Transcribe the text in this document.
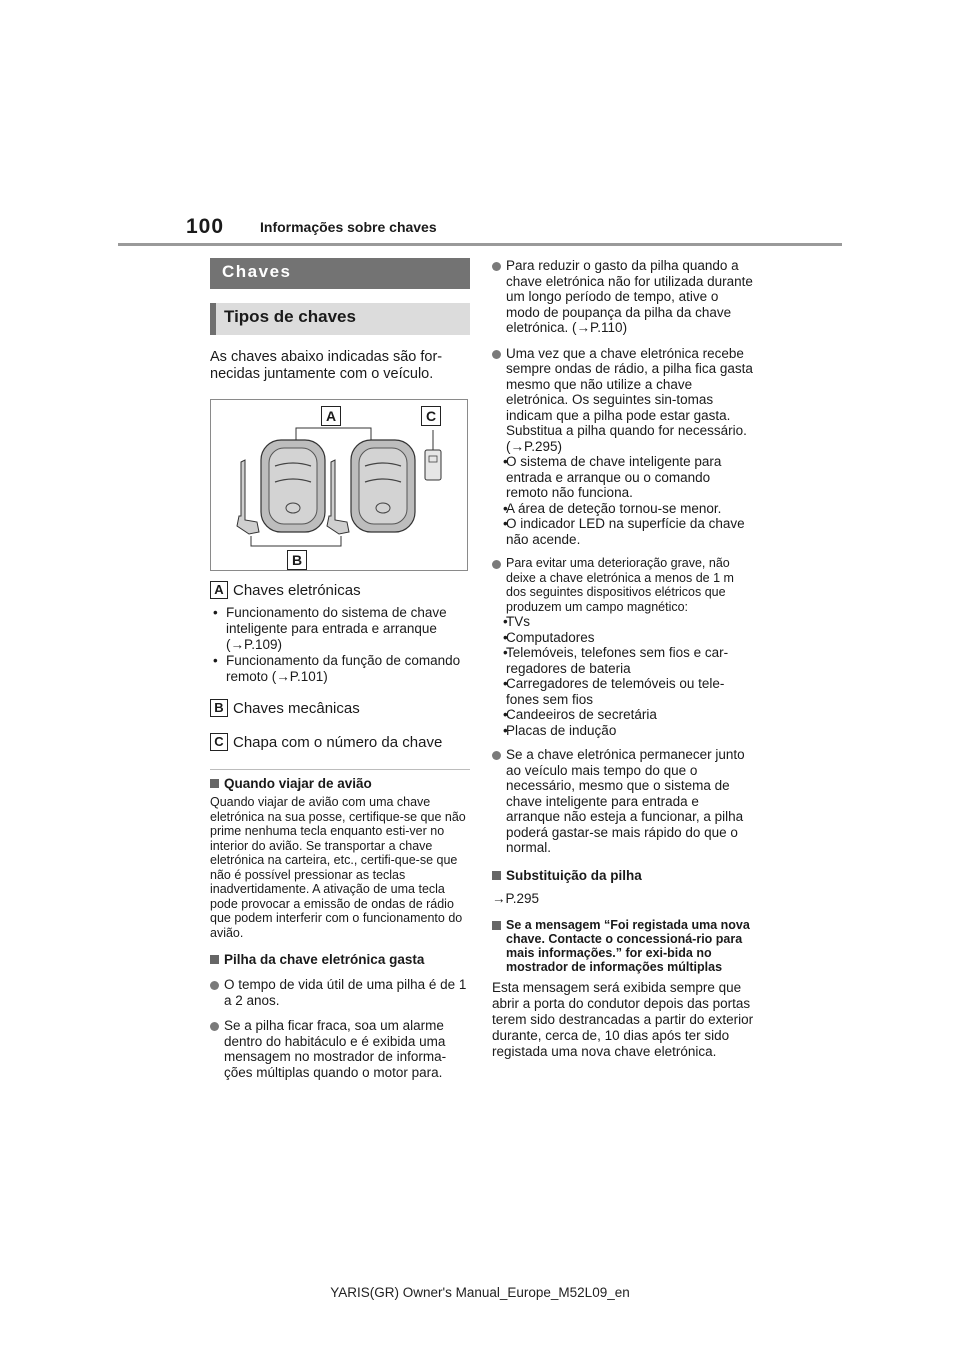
100	Informações sobre chaves
Chaves
Tipos de chaves
As chaves abaixo indicadas são for-
necidas juntamente com o veículo.
A
B
C
A Chaves eletrónicas
• Funcionamento do sistema de chave inteligente para entrada e arranque (→P.109)
• Funcionamento da função de comando remoto (→P.101)
B Chaves mecânicas
C Chapa com o número da chave
Quando viajar de avião
Quando viajar de avião com uma chave eletrónica na sua posse, certifique-se que não prime nenhuma tecla enquanto esti-ver no interior do avião. Se transportar a chave eletrónica na carteira, etc., certifi-que-se que não é possível pressionar as teclas inadvertidamente. A ativação de uma tecla pode provocar a emissão de ondas de rádio que podem interferir com o funcionamento do avião.
Pilha da chave eletrónica gasta
O tempo de vida útil de uma pilha é de 1 a 2 anos.
Se a pilha ficar fraca, soa um alarme dentro do habitáculo e é exibida uma mensagem no mostrador de informa-ções múltiplas quando o motor para.
Para reduzir o gasto da pilha quando a chave eletrónica não for utilizada durante um longo período de tempo, ative o modo de poupança da pilha da chave eletrónica. (→P.110)
Uma vez que a chave eletrónica recebe sempre ondas de rádio, a pilha fica gasta mesmo que não utilize a chave eletrónica. Os seguintes sin-tomas indicam que a pilha pode estar gasta. Substitua a pilha quando for necessário. (→P.295)
• O sistema de chave inteligente para entrada e arranque ou o comando remoto não funciona.
• A área de deteção tornou-se menor.
• O indicador LED na superfície da chave não acende.
Para evitar uma deterioração grave, não deixe a chave eletrónica a menos de 1 m dos seguintes dispositivos elétricos que produzem um campo magnético:
• TVs
• Computadores
• Telemóveis, telefones sem fios e car-regadores de bateria
• Carregadores de telemóveis ou tele-fones sem fios
• Candeeiros de secretária
• Placas de indução
Se a chave eletrónica permanecer junto ao veículo mais tempo do que o necessário, mesmo que o sistema de chave inteligente para entrada e arranque não esteja a funcionar, a pilha poderá gastar-se mais rápido do que o normal.
Substituição da pilha
→P.295
Se a mensagem “Foi registada uma nova chave. Contacte o concessioná-rio para mais informações.” for exi-bida no mostrador de informações múltiplas
Esta mensagem será exibida sempre que abrir a porta do condutor depois das portas terem sido destrancadas a partir do exterior durante, cerca de, 10 dias após ter sido registada uma nova chave eletrónica.
YARIS(GR) Owner's Manual_Europe_M52L09_en
